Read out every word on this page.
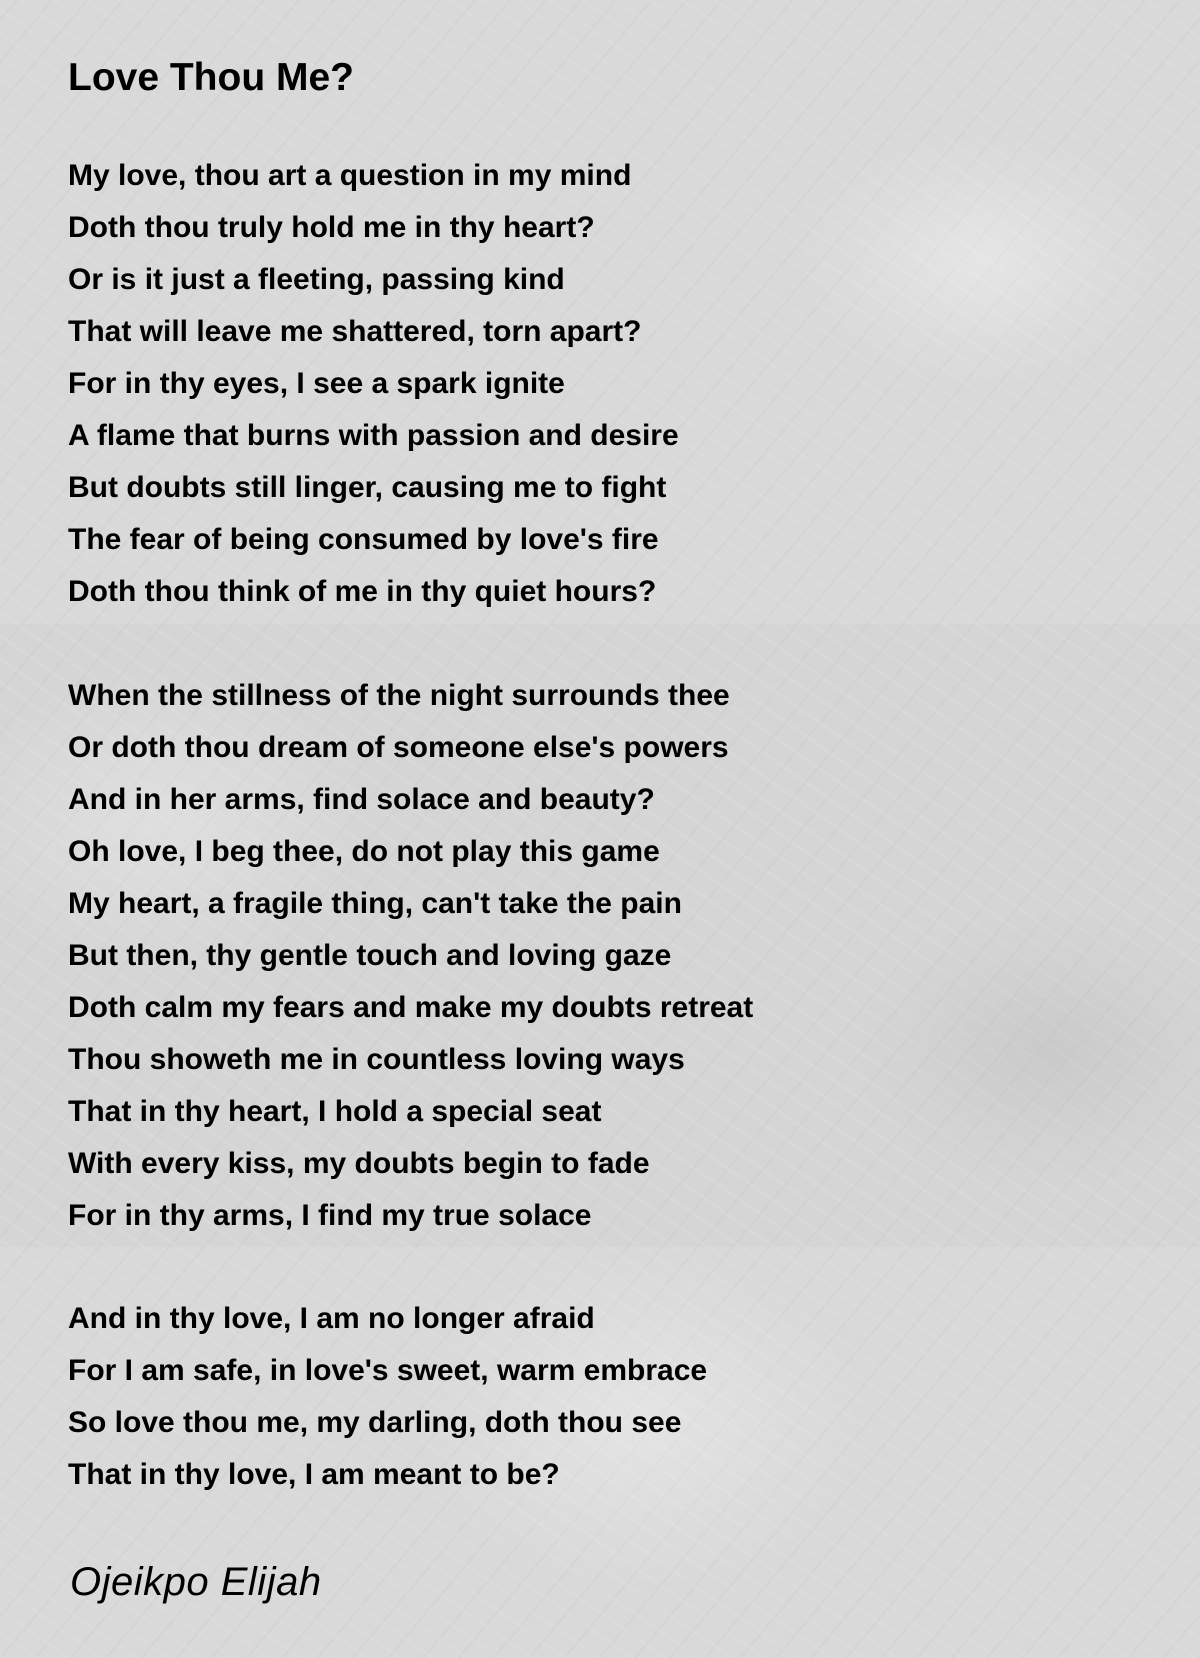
Love Thou Me?
My love, thou art a question in my mind
Doth thou truly hold me in thy heart?
Or is it just a fleeting, passing kind
That will leave me shattered, torn apart?
For in thy eyes, I see a spark ignite
A flame that burns with passion and desire
But doubts still linger, causing me to fight
The fear of being consumed by love's fire
Doth thou think of me in thy quiet hours?
When the stillness of the night surrounds thee
Or doth thou dream of someone else's powers
And in her arms, find solace and beauty?
Oh love, I beg thee, do not play this game
My heart, a fragile thing, can't take the pain
But then, thy gentle touch and loving gaze
Doth calm my fears and make my doubts retreat
Thou showeth me in countless loving ways
That in thy heart, I hold a special seat
With every kiss, my doubts begin to fade
For in thy arms, I find my true solace
And in thy love, I am no longer afraid
For I am safe, in love's sweet, warm embrace
So love thou me, my darling, doth thou see
That in thy love, I am meant to be?
Ojeikpo Elijah
